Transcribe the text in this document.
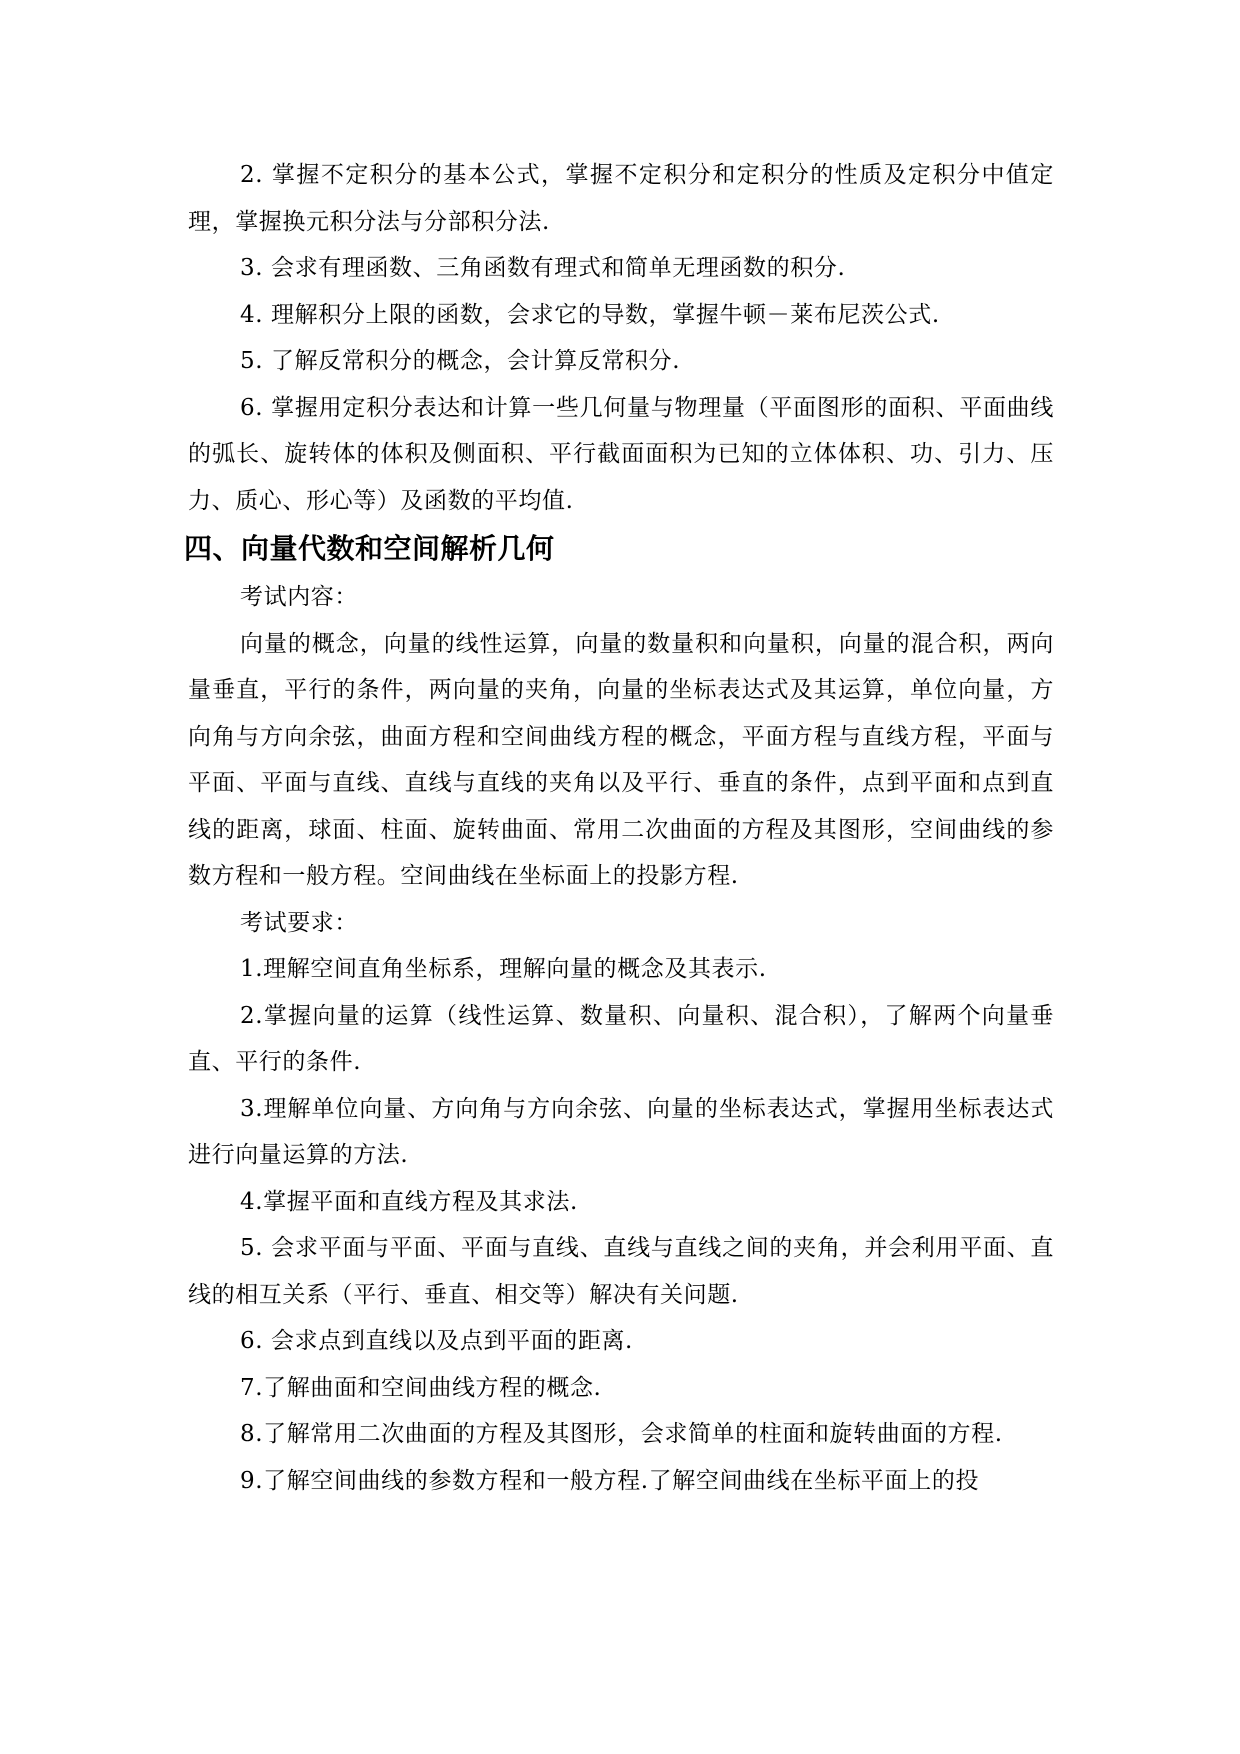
2. 掌握不定积分的基本公式，掌握不定积分和定积分的性质及定积分中值定理，掌握换元积分法与分部积分法.

3. 会求有理函数、三角函数有理式和简单无理函数的积分.

4. 理解积分上限的函数，会求它的导数，掌握牛顿－莱布尼茨公式.

5. 了解反常积分的概念，会计算反常积分.

6. 掌握用定积分表达和计算一些几何量与物理量（平面图形的面积、平面曲线的弧长、旋转体的体积及侧面积、平行截面面积为已知的立体体积、功、引力、压力、质心、形心等）及函数的平均值.

四、向量代数和空间解析几何

考试内容：

向量的概念，向量的线性运算，向量的数量积和向量积，向量的混合积，两向量垂直，平行的条件，两向量的夹角，向量的坐标表达式及其运算，单位向量，方向角与方向余弦，曲面方程和空间曲线方程的概念，平面方程与直线方程，平面与平面、平面与直线、直线与直线的夹角以及平行、垂直的条件，点到平面和点到直线的距离，球面、柱面、旋转曲面、常用二次曲面的方程及其图形，空间曲线的参数方程和一般方程。空间曲线在坐标面上的投影方程.

考试要求：

1.理解空间直角坐标系，理解向量的概念及其表示.

2.掌握向量的运算（线性运算、数量积、向量积、混合积），了解两个向量垂直、平行的条件.

3.理解单位向量、方向角与方向余弦、向量的坐标表达式，掌握用坐标表达式进行向量运算的方法.

4.掌握平面和直线方程及其求法.

5. 会求平面与平面、平面与直线、直线与直线之间的夹角，并会利用平面、直线的相互关系（平行、垂直、相交等）解决有关问题.

6. 会求点到直线以及点到平面的距离.

7.了解曲面和空间曲线方程的概念.

8.了解常用二次曲面的方程及其图形，会求简单的柱面和旋转曲面的方程.

9.了解空间曲线的参数方程和一般方程.了解空间曲线在坐标平面上的投
